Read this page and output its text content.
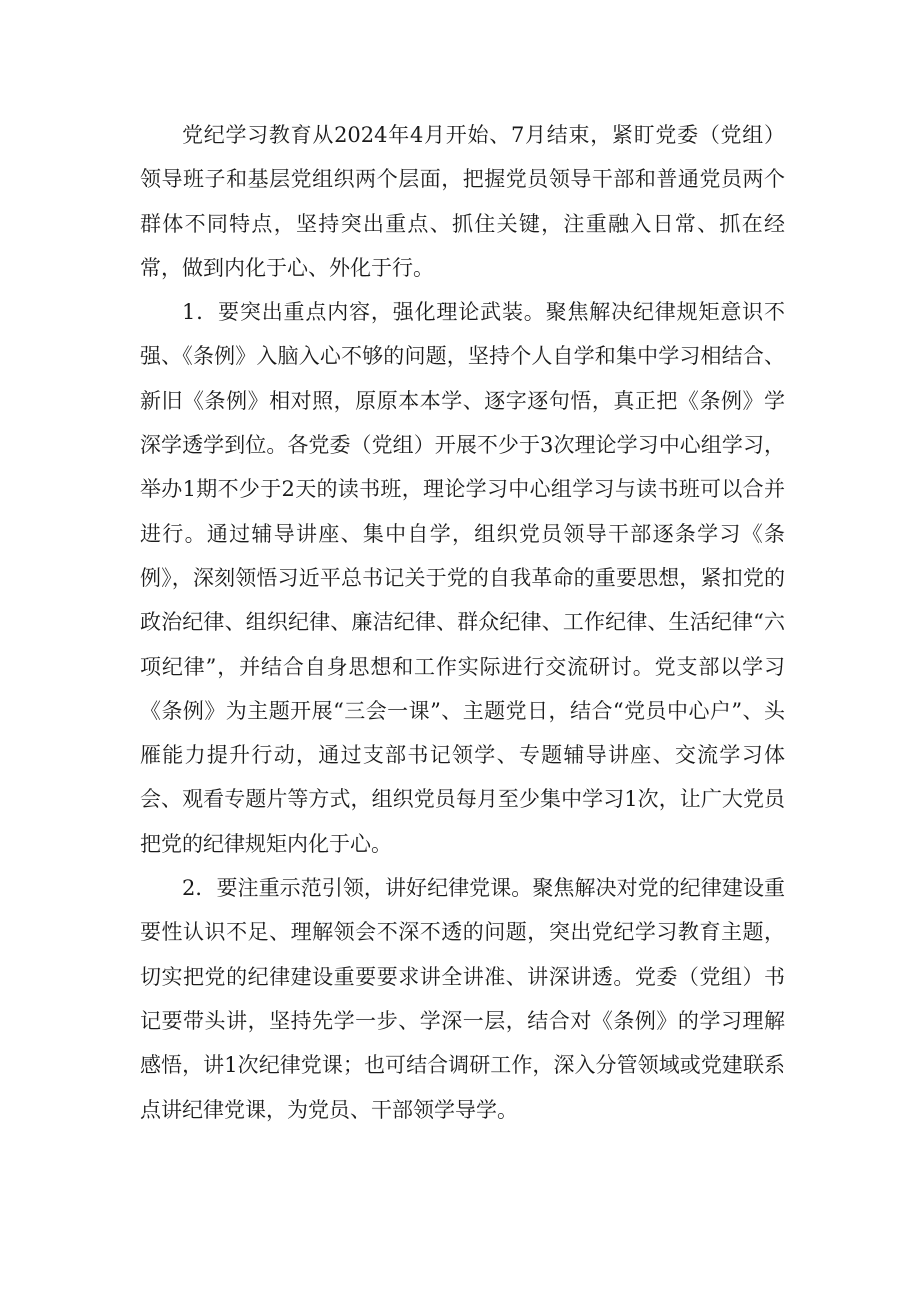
党纪学习教育从2024年4月开始、7月结束，紧盯党委（党组）领导班子和基层党组织两个层面，把握党员领导干部和普通党员两个群体不同特点，坚持突出重点、抓住关键，注重融入日常、抓在经常，做到内化于心、外化于行。

1．要突出重点内容，强化理论武装。聚焦解决纪律规矩意识不强、《条例》入脑入心不够的问题，坚持个人自学和集中学习相结合、新旧《条例》相对照，原原本本学、逐字逐句悟，真正把《条例》学深学透学到位。各党委（党组）开展不少于3次理论学习中心组学习，举办1期不少于2天的读书班，理论学习中心组学习与读书班可以合并进行。通过辅导讲座、集中自学，组织党员领导干部逐条学习《条例》，深刻领悟习近平总书记关于党的自我革命的重要思想，紧扣党的政治纪律、组织纪律、廉洁纪律、群众纪律、工作纪律、生活纪律“六项纪律”，并结合自身思想和工作实际进行交流研讨。党支部以学习《条例》为主题开展“三会一课”、主题党日，结合“党员中心户”、头雁能力提升行动，通过支部书记领学、专题辅导讲座、交流学习体会、观看专题片等方式，组织党员每月至少集中学习1次，让广大党员把党的纪律规矩内化于心。

2．要注重示范引领，讲好纪律党课。聚焦解决对党的纪律建设重要性认识不足、理解领会不深不透的问题，突出党纪学习教育主题，切实把党的纪律建设重要要求讲全讲准、讲深讲透。党委（党组）书记要带头讲，坚持先学一步、学深一层，结合对《条例》的学习理解感悟，讲1次纪律党课；也可结合调研工作，深入分管领域或党建联系点讲纪律党课，为党员、干部领学导学。
